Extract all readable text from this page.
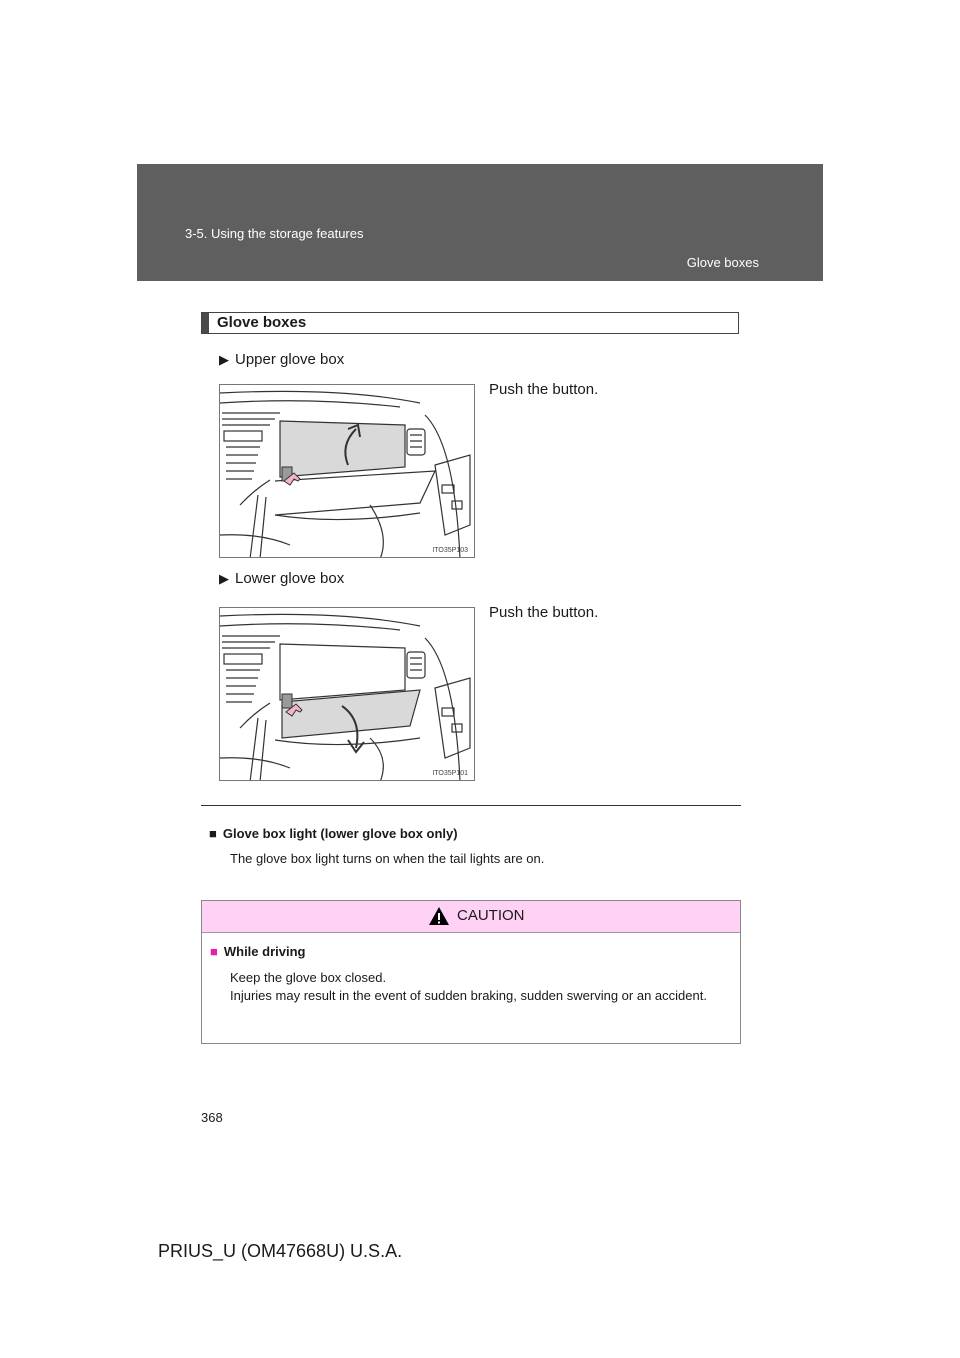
3-5. Using the storage features
Glove boxes
Glove boxes
▶ Upper glove box
Push the button.
ITO35P103
▶ Lower glove box
Push the button.
ITO35P101
■ Glove box light (lower glove box only)
The glove box light turns on when the tail lights are on.
CAUTION
■ While driving
Keep the glove box closed.
Injuries may result in the event of sudden braking, sudden swerving or an accident.
368
PRIUS_U (OM47668U) U.S.A.
